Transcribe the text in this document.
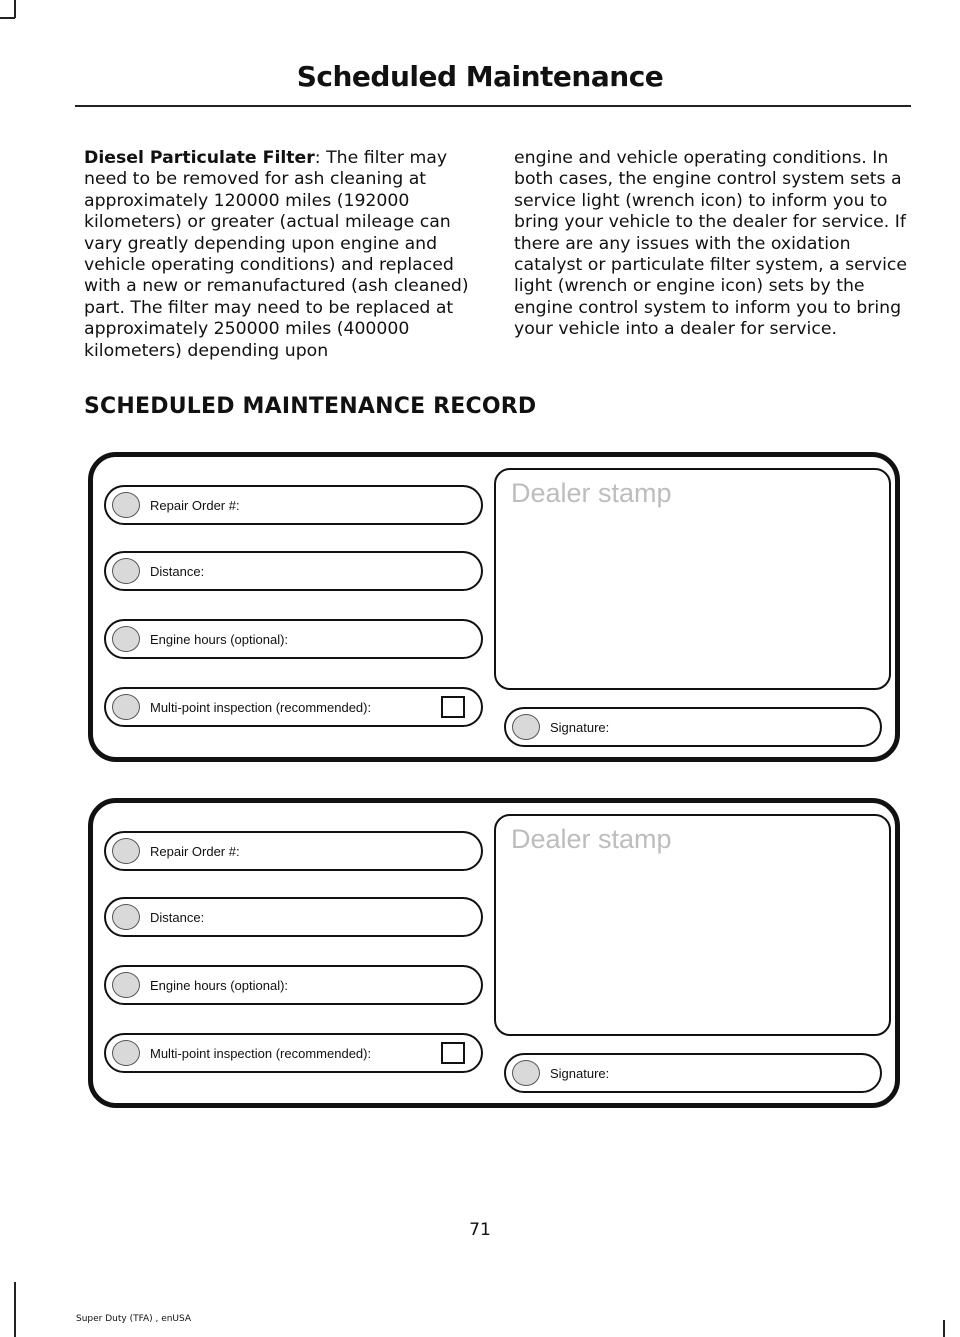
Scheduled Maintenance

Diesel Particulate Filter: The filter may need to be removed for ash cleaning at approximately 120000 miles (192000 kilometers) or greater (actual mileage can vary greatly depending upon engine and vehicle operating conditions) and replaced with a new or remanufactured (ash cleaned) part. The filter may need to be replaced at approximately 250000 miles (400000 kilometers) depending upon

engine and vehicle operating conditions. In both cases, the engine control system sets a service light (wrench icon) to inform you to bring your vehicle to the dealer for service. If there are any issues with the oxidation catalyst or particulate filter system, a service light (wrench or engine icon) sets by the engine control system to inform you to bring your vehicle into a dealer for service.

SCHEDULED MAINTENANCE RECORD
Repair Order #:
Distance:
Engine hours (optional):
Multi-point inspection (recommended):
Dealer stamp
Signature:
Repair Order #:
Distance:
Engine hours (optional):
Multi-point inspection (recommended):
Dealer stamp
Signature:
71
Super Duty (TFA) , enUSA
